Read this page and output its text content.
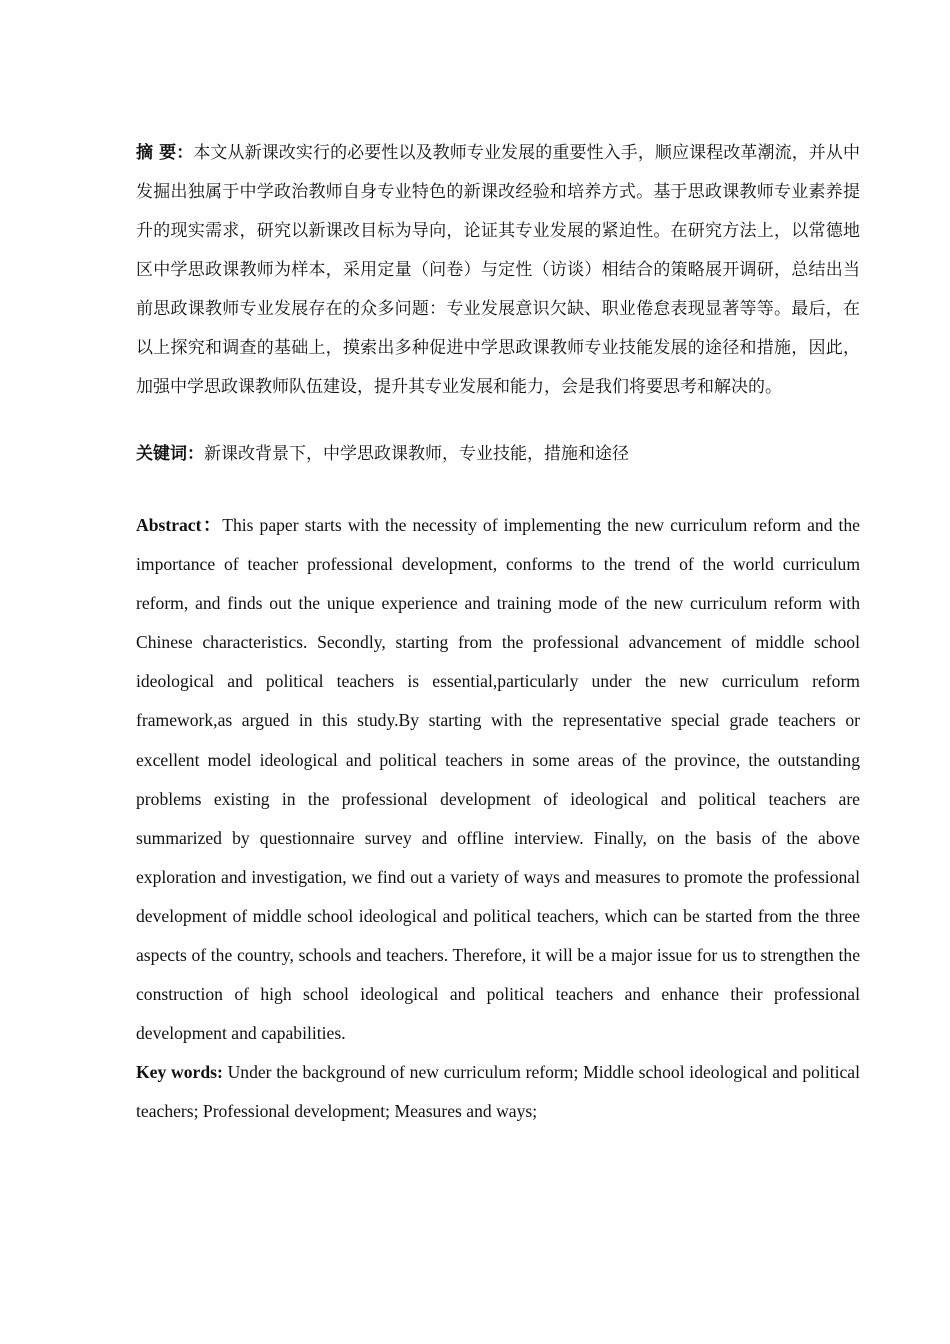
摘 要：本文从新课改实行的必要性以及教师专业发展的重要性入手，顺应课程改革潮流，并从中发掘出独属于中学政治教师自身专业特色的新课改经验和培养方式。基于思政课教师专业素养提升的现实需求，研究以新课改目标为导向，论证其专业发展的紧迫性。在研究方法上，以常德地区中学思政课教师为样本，采用定量（问卷）与定性（访谈）相结合的策略展开调研，总结出当前思政课教师专业发展存在的众多问题：专业发展意识欠缺、职业倦怠表现显著等等。最后，在以上探究和调查的基础上，摸索出多种促进中学思政课教师专业技能发展的途径和措施，因此，加强中学思政课教师队伍建设，提升其专业发展和能力，会是我们将要思考和解决的。

关键词：新课改背景下，中学思政课教师，专业技能，措施和途径

Abstract：This paper starts with the necessity of implementing the new curriculum reform and the importance of teacher professional development, conforms to the trend of the world curriculum reform, and finds out the unique experience and training mode of the new curriculum reform with Chinese characteristics. Secondly, starting from the professional advancement of middle school ideological and political teachers is essential,particularly under the new curriculum reform framework,as argued in this study.By starting with the representative special grade teachers or excellent model ideological and political teachers in some areas of the province, the outstanding problems existing in the professional development of ideological and political teachers are summarized by questionnaire survey and offline interview. Finally, on the basis of the above exploration and investigation, we find out a variety of ways and measures to promote the professional development of middle school ideological and political teachers, which can be started from the three aspects of the country, schools and teachers. Therefore, it will be a major issue for us to strengthen the construction of high school ideological and political teachers and enhance their professional development and capabilities.

Key words: Under the background of new curriculum reform; Middle school ideological and political teachers; Professional development; Measures and ways;
